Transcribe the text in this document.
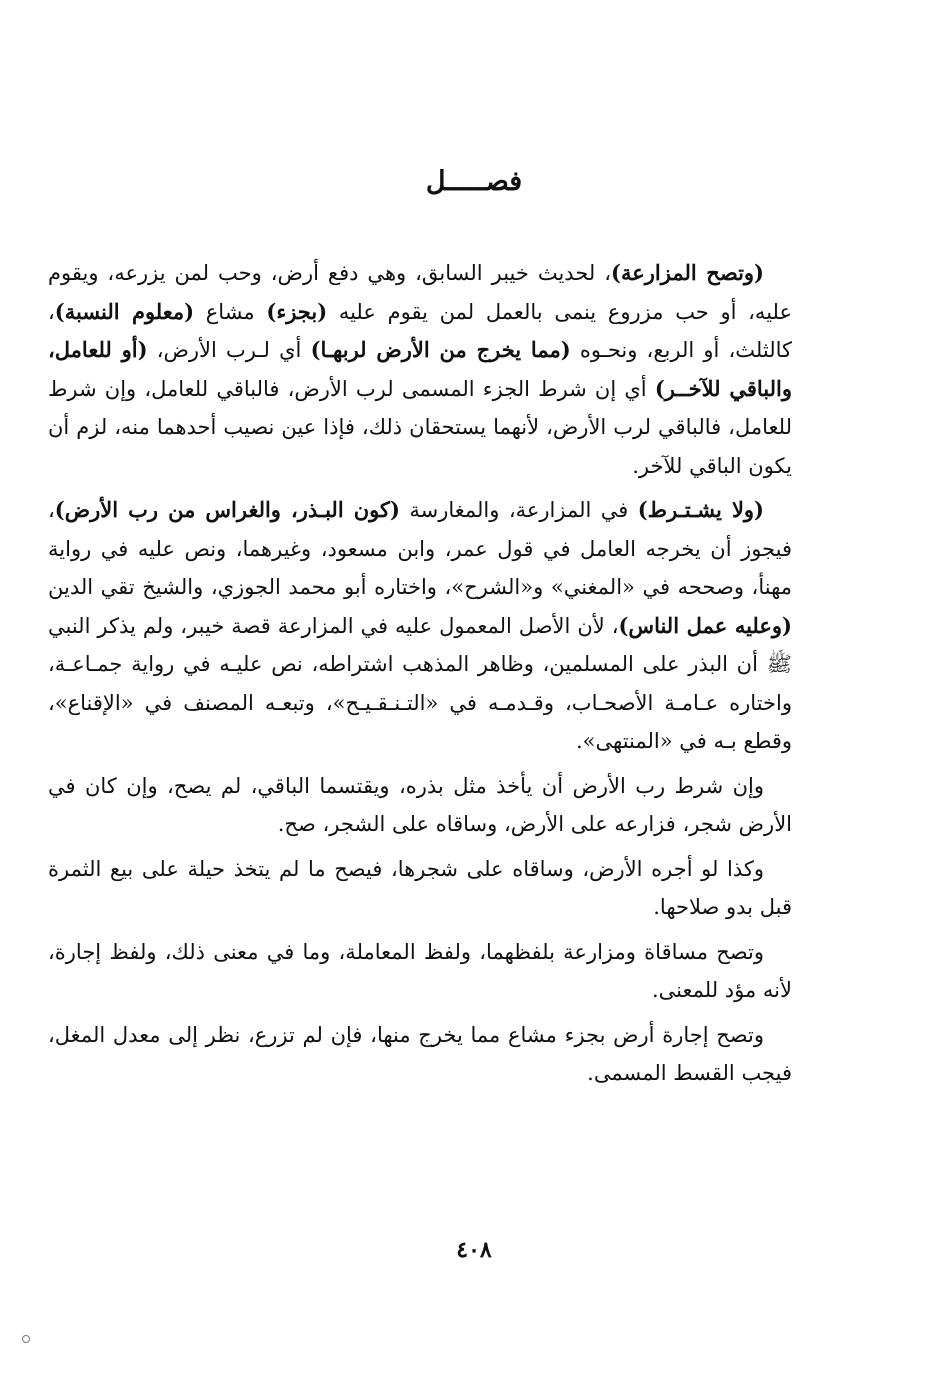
فصـــــل

(وتصح المزارعة)، لحديث خيبر السابق، وهي دفع أرض، وحب لمن يزرعه، ويقوم عليه، أو حب مزروع ينمى بالعمل لمن يقوم عليه (بجزء) مشاع (معلوم النسبة)، كالثلث، أو الربع، ونحـوه (مما يخرج من الأرض لربهـا) أي لـرب الأرض، (أو للعامل، والباقي للآخــر) أي إن شرط الجزء المسمى لرب الأرض، فالباقي للعامل، وإن شرط للعامل، فالباقي لرب الأرض، لأنهما يستحقان ذلك، فإذا عين نصيب أحدهما منه، لزم أن يكون الباقي للآخر.

(ولا يشـتـرط) في المزارعة، والمغارسة (كون البـذر، والغراس من رب الأرض)، فيجوز أن يخرجه العامل في قول عمر، وابن مسعود، وغيرهما، ونص عليه في رواية مهنأ، وصححه في «المغني» و«الشرح»، واختاره أبو محمد الجوزي، والشيخ تقي الدين (وعليه عمل الناس)، لأن الأصل المعمول عليه في المزارعة قصة خيبر، ولم يذكر النبي ﷺ أن البذر على المسلمين، وظاهر المذهب اشتراطه، نص عليـه في رواية جمـاعـة، واختاره عـامـة الأصحـاب، وقـدمـه في «التـنـقـيـح»، وتبعـه المصنف في «الإقناع»، وقطع بـه في «المنتهى».

وإن شرط رب الأرض أن يأخذ مثل بذره، ويقتسما الباقي، لم يصح، وإن كان في الأرض شجر، فزارعه على الأرض، وساقاه على الشجر، صح.

وكذا لو أجره الأرض، وساقاه على شجرها، فيصح ما لم يتخذ حيلة على بيع الثمرة قبل بدو صلاحها.

وتصح مساقاة ومزارعة بلفظهما، ولفظ المعاملة، وما في معنى ذلك، ولفظ إجارة، لأنه مؤد للمعنى.

وتصح إجارة أرض بجزء مشاع مما يخرج منها، فإن لم تزرع، نظر إلى معدل المغل، فيجب القسط المسمى.

٤٠٨
